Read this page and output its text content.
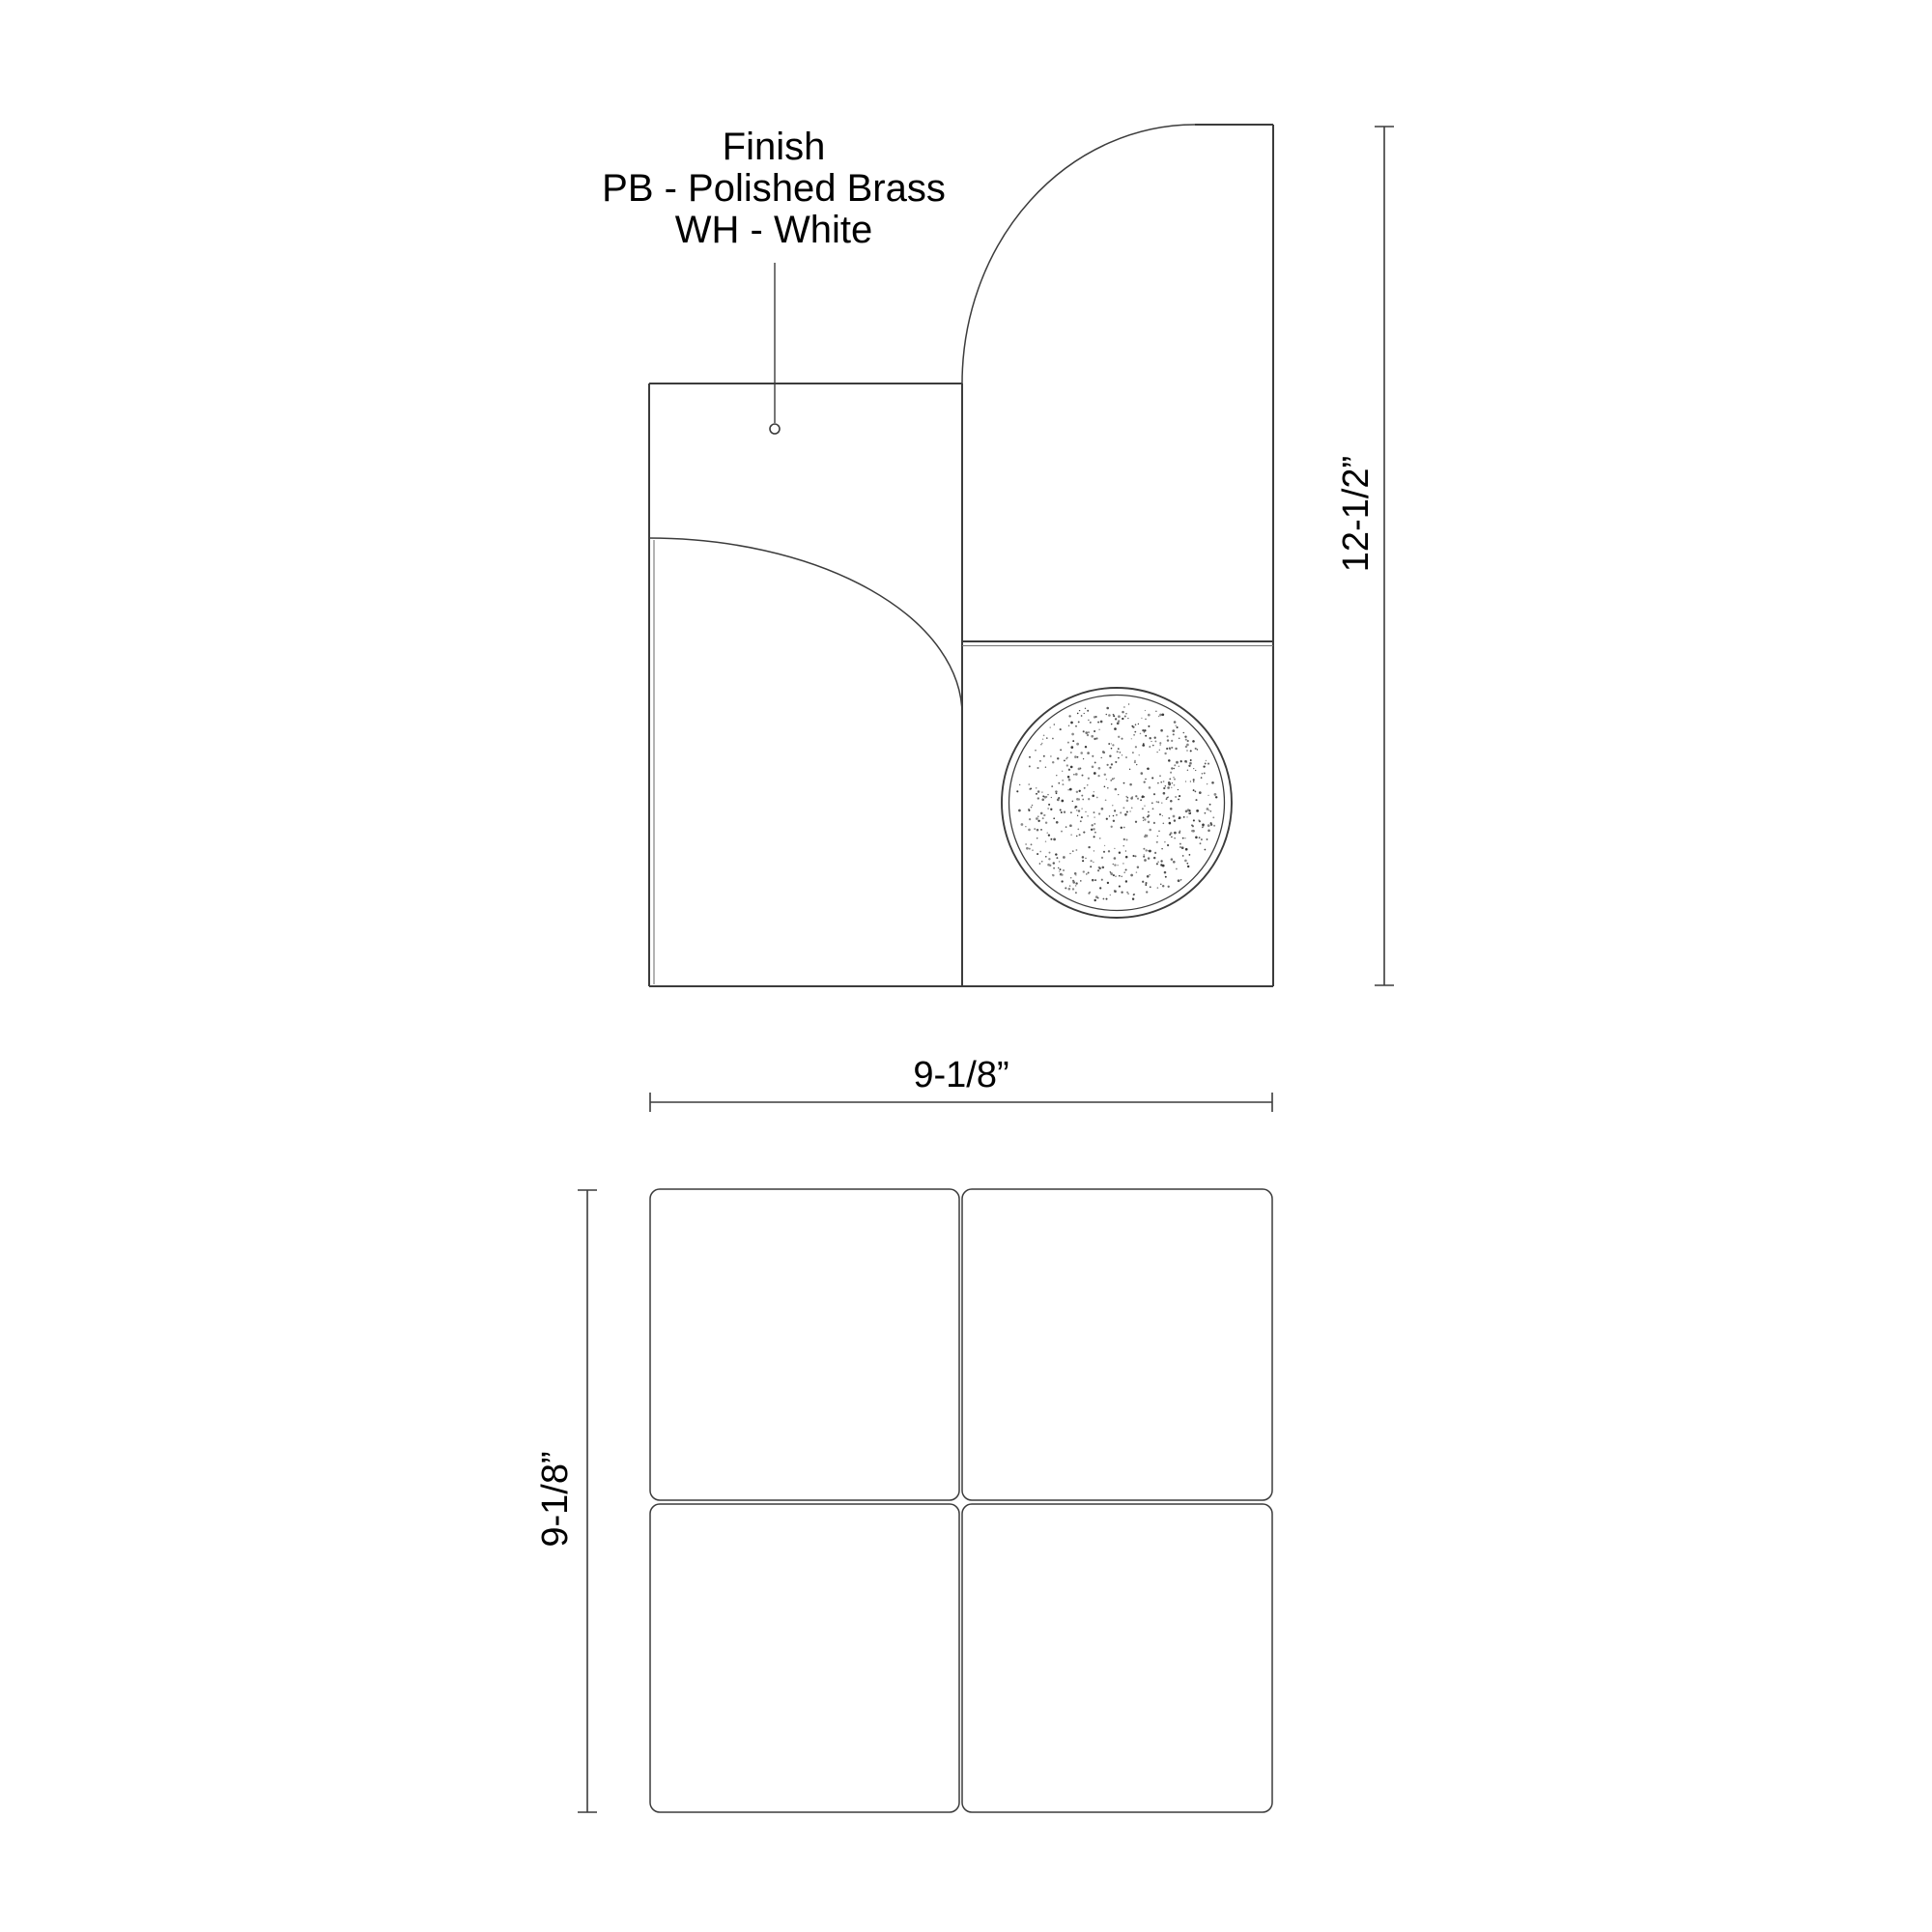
Finish
PB - Polished Brass
WH - White
12-1/2”
9-1/8”
9-1/8”
